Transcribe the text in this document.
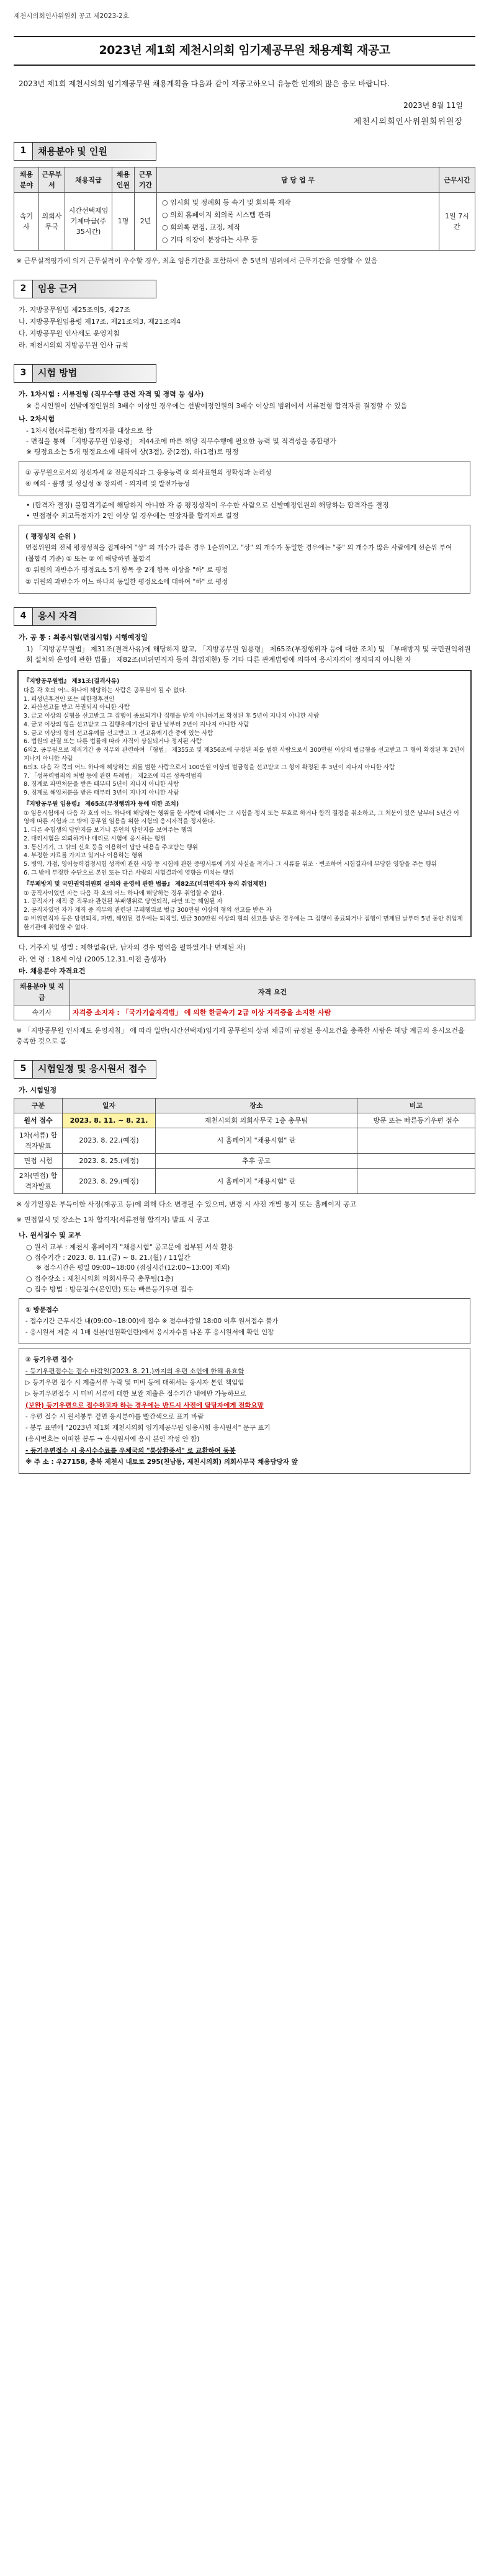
제천시의회인사위원회 공고 제2023-2호
2023년 제1회 제천시의회 임기제공무원 채용계획 재공고
2023년 제1회 제천시의회 임기제공무원 채용계획을 다음과 같이 재공고하오니 유능한 인재의 많은 응모 바랍니다.
2023년 8월 11일
제천시의회인사위원회위원장
1	채용분야 및 인원
채용분야	근무부서	채용직급	채용인원	근무기간	담 당 업 무	근무시간
속기사	의회사무국	시간선택제임기제마급(주35시간)	1명	2년	○ 임시회 및 정례회 등 속기 및 회의록 제작
○ 의회 홈페이지 회의록 시스템 관리
○ 회의록 편집, 교정, 제작
○ 기타 의장이 분장하는 사무 등	1일 7시간
※ 근무실적평가에 의거 근무실적이 우수할 경우, 최초 임용기간을 포함하여 총 5년의 범위에서 근무기간을 연장할 수 있음
2	임용 근거
가. 지방공무원법 제25조의5, 제27조
나. 지방공무원임용령 제17조, 제21조의3, 제21조의4
다. 지방공무원 인사세도 운영지침
라. 제천시의회 지방공무원 인사 규칙
3	시험 방법
가. 1차시험 : 서류전형 (직무수행 관련 자격 및 경력 등 심사)
※ 응시인원이 선발예정인원의 3배수 이상인 경우에는 선발예정인원의 3배수 이상의 범위에서 서류전형 합격자를 결정할 수 있음
나. 2차시험
- 1차시험(서류전형) 합격자를 대상으로 함
- 면접을 통해 「지방공무원 임용령」 제44조에 따른 해당 직무수행에 필요한 능력 및 적격성을 종합평가
※ 평정요소는 5개 평정요소에 대하여 상(3점), 중(2점), 하(1점)로 평정

① 공무원으로서의 정신자세 ② 전문지식과 그 응용능력 ③ 의사표현의 정확성과 논리성

④ 예의 · 품행 및 성실성 ⑤ 창의력 · 의지력 및 발전가능성

• (합격자 결정) 불합격기준에 해당하지 아니한 자 중 평정성적이 우수한 사람으로 선발예정인원의 해당하는 합격자를 결정
• 면접점수 최고득점자가 2인 이상 일 경우에는 연장자를 합격자로 결정

( 평정성적 순위 )

면접위원의 전체 평정성적을 집계하여 "상" 의 개수가 많은 경우 1순위이고, "상" 의 개수가 동일한 경우에는 "중" 의 개수가 많은 사람에게 선순위 부여

(불합격 기준) ① 또는 ② 에 해당하면 불합격

① 위원의 과반수가 평정요소 5개 항목 중 2개 항목 이상을 "하" 로 평정

② 위원의 과반수가 어느 하나의 동일한 평정요소에 대하여 "하" 로 평정

4	응시 자격
가. 공 통 : 최종시험(면접시험) 시행예정일
1) 「지방공무원법」 제31조(결격사유)에 해당하지 않고, 「지방공무원 임용령」 제65조(부정행위자 등에 대한 조치) 및 「부패방지 및 국민권익위원회 설치와 운영에 관한 법률」 제82조(비위면직자 등의 취업제한) 등 기타 다른 관계법령에 의하여 응시자격이 정지되지 아니한 자
『지방공무원법』 제31조(결격사유)

다음 각 호의 어느 하나에 해당하는 사람은 공무원이 될 수 없다.
1. 피성년후견인 또는 피한정후견인
2. 파산선고를 받고 복권되지 아니한 사람
3. 금고 이상의 실형을 선고받고 그 집행이 종료되거나 집행을 받지 아니하기로 확정된 후 5년이 지나지 아니한 사람
4. 금고 이상의 형을 선고받고 그 집행유예기간이 끝난 날부터 2년이 지나지 아니한 사람
5. 금고 이상의 형의 선고유예를 선고받고 그 선고유예기간 중에 있는 사람
6. 법원의 판결 또는 다른 법률에 따라 자격이 상실되거나 정지된 사람
6의2. 공무원으로 재직기간 중 직무와 관련하여 「형법」 제355조 및 제356조에 규정된 죄를 범한 사람으로서 300만원 이상의 벌금형을 선고받고 그 형이 확정된 후 2년이 지나지 아니한 사람
6의3. 다음 각 목의 어느 하나에 해당하는 죄를 범한 사람으로서 100만원 이상의 벌금형을 선고받고 그 형이 확정된 후 3년이 지나지 아니한 사람
7. 「성폭력범죄의 처벌 등에 관한 특례법」 제2조에 따른 성폭력범죄
8. 징계로 파면처분을 받은 때부터 5년이 지나지 아니한 사람
9. 징계로 해임처분을 받은 때부터 3년이 지나지 아니한 사람

『지방공무원 임용령』 제65조(부정행위자 등에 대한 조치)

① 임용시험에서 다음 각 호의 어느 하나에 해당하는 행위를 한 사람에 대해서는 그 시험을 정지 또는 무효로 하거나 합격 결정을 취소하고, 그 처분이 있은 날부터 5년간 이 영에 따른 시험과 그 밖에 공무원 임용을 위한 시험의 응시자격을 정지한다.
1. 다른 수험생의 답안지를 보거나 본인의 답안지를 보여주는 행위
2. 대리시험을 의뢰하거나 대리로 시험에 응시하는 행위
3. 통신기기, 그 밖의 신호 등을 이용하여 답안 내용을 주고받는 행위
4. 부정한 자료를 가지고 있거나 이용하는 행위
5. 병역, 가점, 영어능력검정시험 성적에 관한 사항 등 시험에 관한 증명서류에 거짓 사실을 적거나 그 서류를 위조 · 변조하여 시험결과에 부당한 영향을 주는 행위
6. 그 밖에 부정한 수단으로 본인 또는 다른 사람의 시험결과에 영향을 미치는 행위

『부패방지 및 국민권익위원회 설치와 운영에 관한 법률』 제82조(비위면직자 등의 취업제한)

① 공직자이었던 자는 다음 각 호의 어느 하나에 해당하는 경우 취업할 수 없다.
1. 공직자가 재직 중 직무와 관련된 부패행위로 당연퇴직, 파면 또는 해임된 자
2. 공직자였던 자가 재직 중 직무와 관련된 부패행위로 벌금 300만원 이상의 형의 선고를 받은 자
② 비위면직자 등은 당연퇴직, 파면, 해임된 경우에는 퇴직일, 벌금 300만원 이상의 형의 선고를 받은 경우에는 그 집행이 종료되거나 집행이 면제된 날부터 5년 동안 취업제한기관에 취업할 수 없다.

다. 거주지 및 성별 : 제한없음(단, 남자의 경우 병역을 필하였거나 면제된 자)
라. 연 령 : 18세 이상 (2005.12.31.이전 출생자)
마. 채용분야 자격요건
채용분야 및 직급	자격 요건
속기사	자격증 소지자 : 「국가기술자격법」 에 의한 한글속기 2급 이상 자격증을 소지한 사람
※ 「지방공무원 인사제도 운영지침」 에 따라 일반(시간선택제)임기제 공무원의 상위 채급에 규정된 응시요건을 충족한 사람은 해당 계급의 응시요건을 충족한 것으로 봄
5	시험일정 및 응시원서 접수
가. 시험일정
구분	일자	장소	비고
원서 접수	2023. 8. 11. ~ 8. 21.	제천시의회 의회사무국 1층 총무팀	방문 또는 빠른등기우편 접수
1차(서류) 합격자발표	2023. 8. 22.(예정)	시 홈페이지 "채용시험" 란	
면접 시험	2023. 8. 25.(예정)	추후 공고	
2차(면접) 합격자발표	2023. 8. 29.(예정)	시 홈페이지 "채용시험" 란	
※ 상기일정은 부득이한 사정(재공고 등)에 의해 다소 변경될 수 있으며, 변경 시 사전 개별 통지 또는 홈페이지 공고
※ 면접일시 및 장소는 1차 합격자(서류전형 합격자) 발표 시 공고
나. 원서접수 및 교부
○ 원서 교부 : 제천시 홈페이지 "채용시험" 공고문에 첨부된 서식 활용
○ 접수기간 : 2023. 8. 11.(금) ~ 8. 21.(월) / 11일간
※ 접수시간은 평일 09:00~18:00 (점심시간(12:00~13:00) 제외)
○ 접수장소 : 제천시의회 의회사무국 총무팀(1층)
○ 접수 방법 : 방문접수(본인만) 또는 빠른등기우편 접수

① 방문접수

- 접수기간 근무시간 내(09:00~18:00)에 접수 ※ 점수마감일 18:00 이후 원서접수 불가

- 응시원서 제출 시 1매 신분(인원확인란)에서 응시자수를 나온 후 응시원서에 확인 인장

② 등기우편 접수

- 등기우편접수는 접수 마감일(2023. 8. 21.)까지의 우편 소인에 한해 유효함

▷ 등기우편 접수 시 제출서류 누락 및 미비 등에 대해서는 응시자 본인 책임임

▷ 등기우편접수 시 미비 서류에 대한 보완 제출은 접수기간 내에만 가능하므로

(보완) 등기우편으로 접수하고자 하는 경우에는 반드시 사전에 담당자에게 전화요망

- 우편 접수 시 원서봉투 겉면 응시분야를 빨간색으로 표기 바람

- 봉투 표면에 "2023년 제1회 제천시의회 임기제공무원 임용시험 응시원서" 문구 표기

(응시번호는 어떠한 봉투 → 응시원서에 응시 본인 작성 안 함)

- 등기우편접수 시 응시수수료를 우체국의 "통상환증서" 로 교환하여 동봉

※ 주 소 : 우27158, 충북 제천시 내토로 295(천남동, 제천시의회) 의회사무국 채용담당자 앞
